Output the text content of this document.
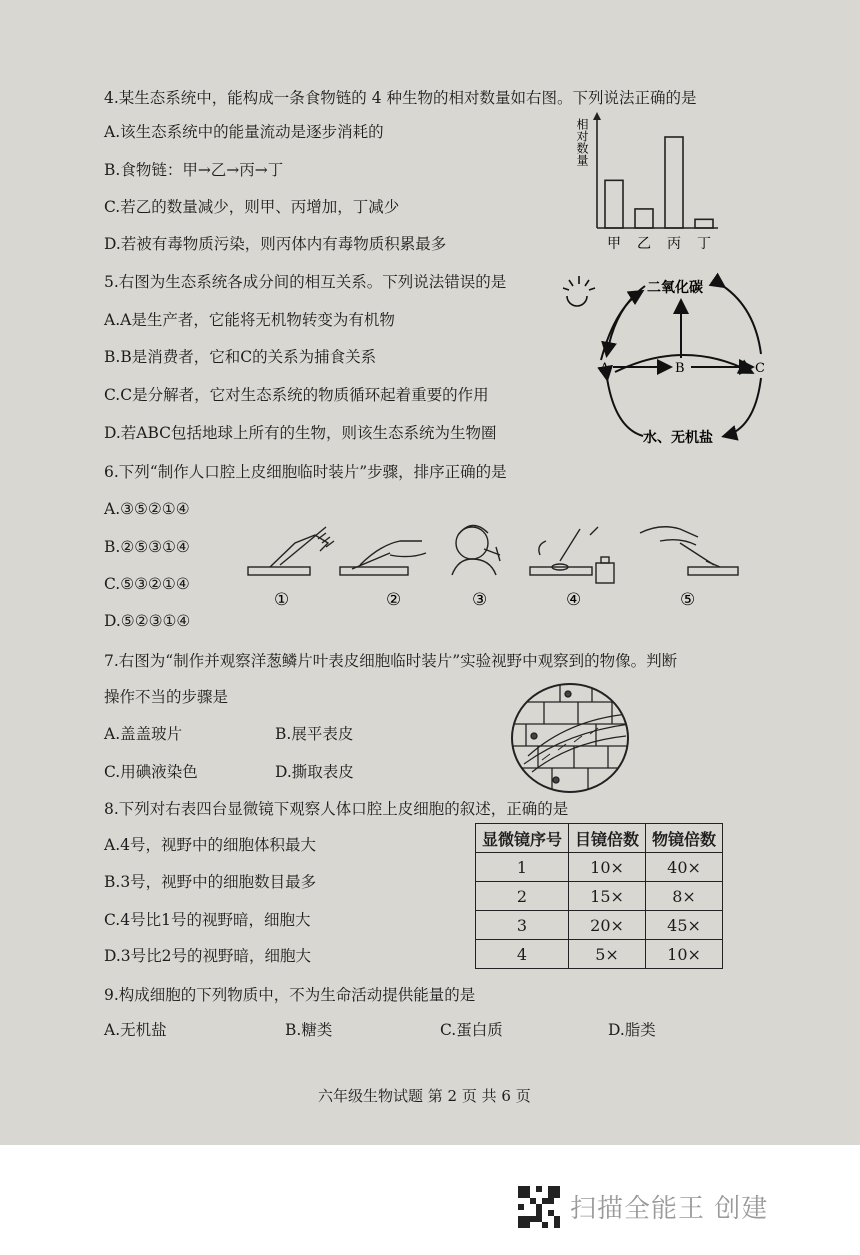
4.某生态系统中，能构成一条食物链的 4 种生物的相对数量如右图。下列说法正确的是
A.该生态系统中的能量流动是逐步消耗的
B.食物链：甲→乙→丙→丁
C.若乙的数量减少，则甲、丙增加，丁减少
D.若被有毒物质污染，则丙体内有毒物质积累最多
相对数量
甲 乙 丙 丁
5.右图为生态系统各成分间的相互关系。下列说法错误的是
A.A是生产者，它能将无机物转变为有机物
B.B是消费者，它和C的关系为捕食关系
C.C是分解者，它对生态系统的物质循环起着重要的作用
D.若ABC包括地球上所有的生物，则该生态系统为生物圈
二氧化碳
A	B	C
水、无机盐
6.下列“制作人口腔上皮细胞临时装片”步骤，排序正确的是
A.③⑤②①④
B.②⑤③①④
C.⑤③②①④
D.⑤②③①④
①	②	③	④	⑤
7.右图为“制作并观察洋葱鳞片叶表皮细胞临时装片”实验视野中观察到的物像。判断
操作不当的步骤是
A.盖盖玻片	B.展平表皮
C.用碘液染色	D.撕取表皮
8.下列对右表四台显微镜下观察人体口腔上皮细胞的叙述，正确的是
A.4号，视野中的细胞体积最大
B.3号，视野中的细胞数目最多
C.4号比1号的视野暗，细胞大
D.3号比2号的视野暗，细胞大
显微镜序号	目镜倍数	物镜倍数
1	10×	40×
2	15×	8×
3	20×	45×
4	5×	10×
9.构成细胞的下列物质中，不为生命活动提供能量的是
A.无机盐	B.糖类	C.蛋白质	D.脂类
六年级生物试题 第 2 页 共 6 页
扫描全能王 创建
